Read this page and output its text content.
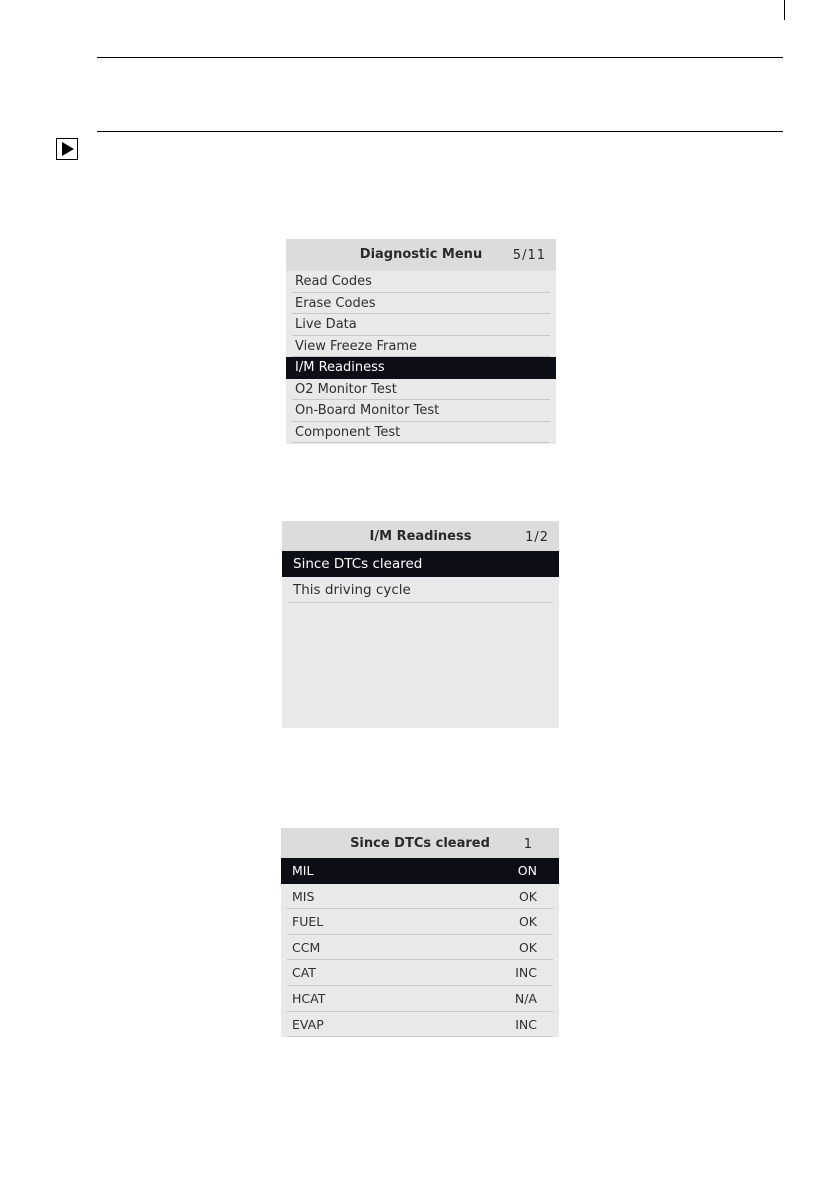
Diagnostic Menu	5/11
Read Codes
Erase Codes
Live Data
View Freeze Frame
I/M Readiness
O2 Monitor Test
On-Board Monitor Test
Component Test
I/M Readiness	1/2
Since DTCs cleared
This driving cycle
Since DTCs cleared	1
MIL	ON
MIS	OK
FUEL	OK
CCM	OK
CAT	INC
HCAT	N/A
EVAP	INC
